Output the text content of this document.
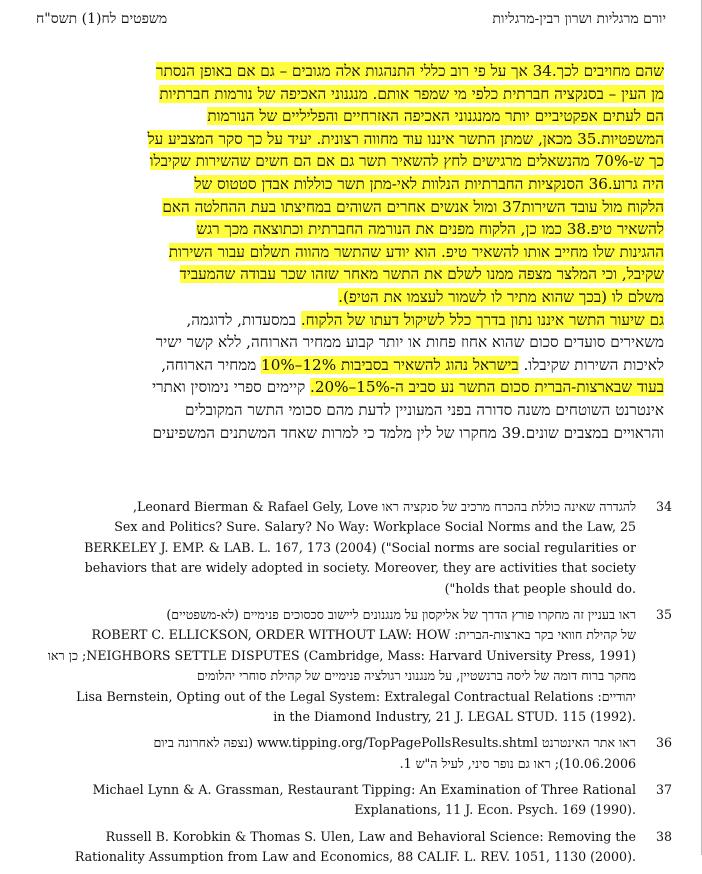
יורם מרגליות ושרון רבין-מרגליות
משפטים לח(1) תשס"ח
שהם מחויבים לכך.34 אך על פי רוב כללי התנהגות אלה מגובים – גם אם באופן הנסתר
מן העין – בסנקציה חברתית כלפי מי שמפר אותם. מנגנוני האכיפה של נורמות חברתיות
הם לעתים אפקטיביים יותר ממנגנוני האכיפה האזרחיים והפליליים של הנורמות
המשפטיות.35 מכאן, שמתן התשר איננו עוד מחווה רצונית. יעיד על כך סקר המצביע על
כך ש-70% מהנשאלים מרגישים לחץ להשאיר תשר גם אם הם חשים שהשירות שקיבלו
היה גרוע.36 הסנקציות החברתיות הנלוות לאי-מתן תשר כוללות אבדן סטטוס של
הלקוח מול עובד השירות37 ומול אנשים אחרים השוהים במחיצתו בעת ההחלטה האם
להשאיר טיפ.38 כמו כן, הלקוח מפנים את הנורמה החברתית וכתוצאה מכך רגש
ההגינות שלו מחייב אותו להשאיר טיפ. הוא יודע שהתשר מהווה תשלום עבור השירות
שקיבל, וכי המלצר מצפה ממנו לשלם את התשר מאחר שזהו שכר עבודה שהמעביד
משלם לו (בכך שהוא מתיר לו לשמור לעצמו את הטיפ).
גם שיעור התשר איננו נתון בדרך כלל לשיקול דעתו של הלקוח. במסעדות, לדוגמה,
משאירים סועדים סכום שהוא אחוז פחות או יותר קבוע ממחיר הארוחה, ללא קשר ישיר
לאיכות השירות שקיבלו. בישראל נהוג להשאיר בסביבות 12%–10% ממחיר הארוחה,
בעוד שבארצות-הברית סכום התשר נע סביב ה-15%–20%. קיימים ספרי נימוסין ואתרי
אינטרנט השוטחים משנה סדורה בפני המעוניין לדעת מהם סכומי התשר המקובלים
והראויים במצבים שונים.39 מחקרו של לין מלמד כי למרות שאחד המשתנים המשפיעים
34
להגדרה שאינה כוללת בהכרח מרכיב של סנקציה ראו Leonard Bierman & Rafael Gely, Love,
Sex and Politics? Sure. Salary? No Way: Workplace Social Norms and the Law, 25
BERKELEY J. EMP. & LAB. L. 167, 173 (2004) ("Social norms are social regularities or
behaviors that are widely adopted in society. Moreover, they are activities that society
.holds that people should do")
35
ראו בעניין זה מחקרו פורץ הדרך של אליקסון על מנגנונים ליישוב סכסוכים פנימיים (לא-משפטיים)
של קהילת חוואי בקר בארצות-הברית: ROBERT C. ELLICKSON, ORDER WITHOUT LAW: HOW
NEIGHBORS SETTLE DISPUTES (Cambridge, Mass: Harvard University Press, 1991); כן ראו
מחקר ברוח דומה של ליסה ברנשטיין, על מנגנוני רגולציה פנימיים של קהילת סוחרי יהלומים
יהודיים: Lisa Bernstein, Opting out of the Legal System: Extralegal Contractual Relations
.in the Diamond Industry, 21 J. LEGAL STUD. 115 (1992)
36
ראו אתר האינטרנט www.tipping.org/TopPagePollsResults.shtml (נצפה לאחרונה ביום
10.06.2006); ראו גם נופר סיני, לעיל ה"ש 1.
37
Michael Lynn & A. Grassman, Restaurant Tipping: An Examination of Three Rational
.Explanations, 11 J. Econ. Psych. 169 (1990)
38
Russell B. Korobkin & Thomas S. Ulen, Law and Behavioral Science: Removing the
.Rationality Assumption from Law and Economics, 88 CALIF. L. REV. 1051, 1130 (2000)
